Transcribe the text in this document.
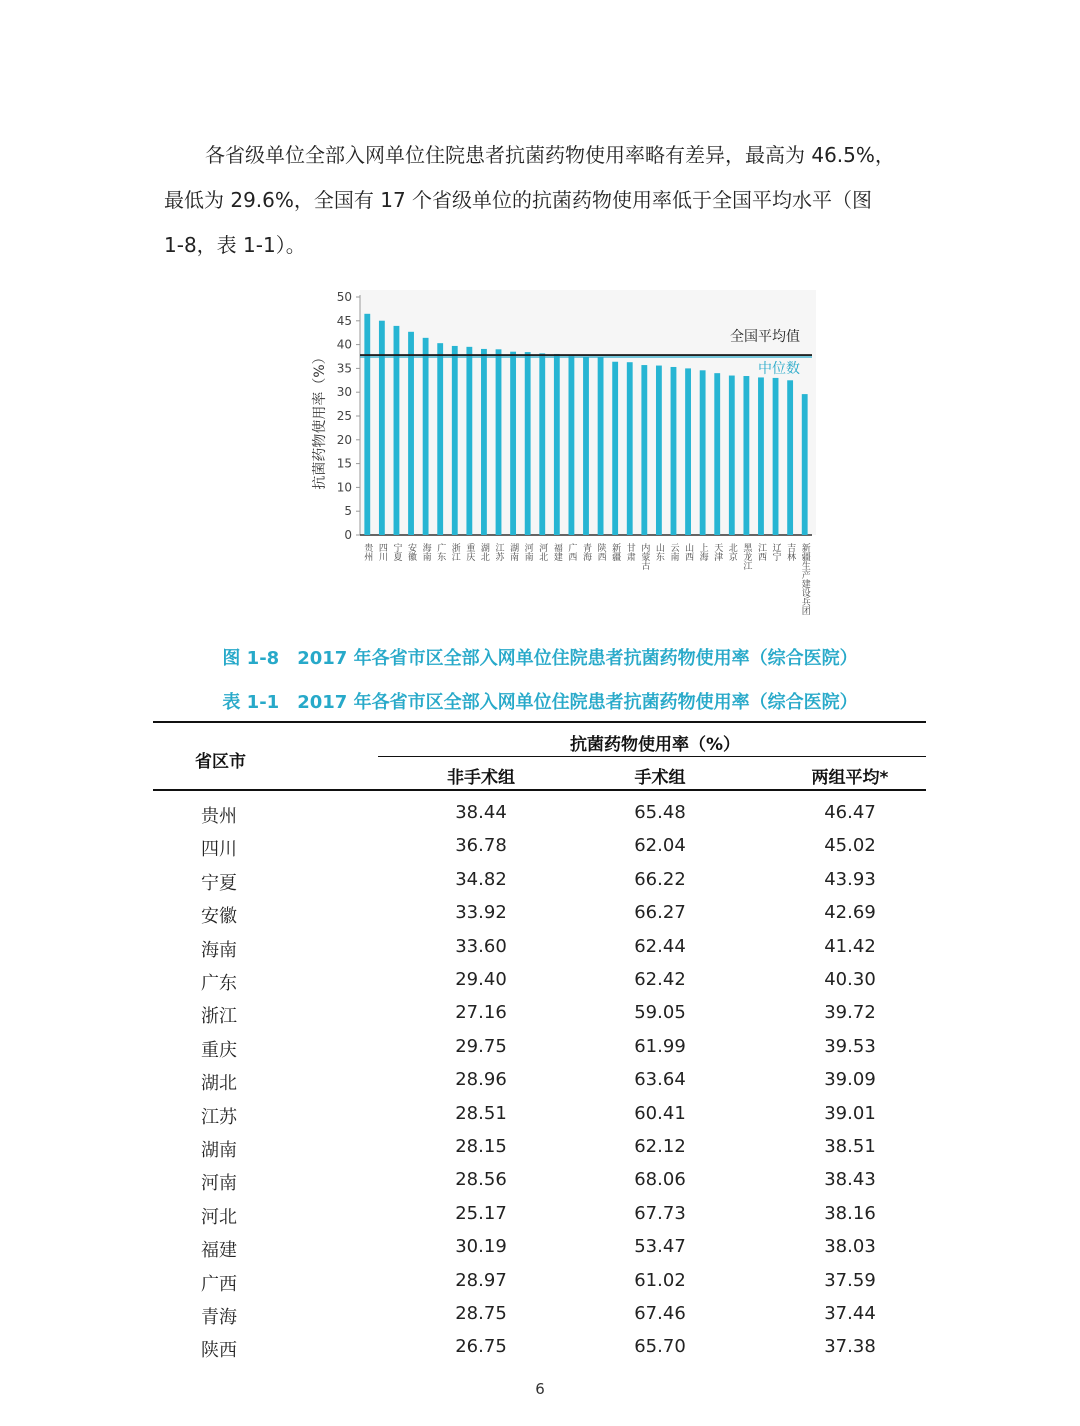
各省级单位全部入网单位住院患者抗菌药物使用率略有差异，最高为 46.5%，
最低为 29.6%，全国有 17 个省级单位的抗菌药物使用率低于全国平均水平（图
1-8，表 1-1）。
0
5
10
15
20
25
30
35
40
45
50
抗菌药物使用率（%）
贵州 四川 宁夏 安徽 海南 广东 浙江 重庆 湖北 江苏 湖南 河南 河北 福建 广西 青海 陕西 新疆 甘肃 内蒙古 山东 云南 山西 上海 天津 北京 黑龙江 江西 辽宁 吉林 新疆生产建设兵团
全国平均值
中位数
图 1-8 2017 年各省市区全部入网单位住院患者抗菌药物使用率（综合医院）
表 1-1 2017 年各省市区全部入网单位住院患者抗菌药物使用率（综合医院）
省区市
抗菌药物使用率（%）
非手术组	手术组	两组平均*
贵州	38.44	65.48	46.47
四川	36.78	62.04	45.02
宁夏	34.82	66.22	43.93
安徽	33.92	66.27	42.69
海南	33.60	62.44	41.42
广东	29.40	62.42	40.30
浙江	27.16	59.05	39.72
重庆	29.75	61.99	39.53
湖北	28.96	63.64	39.09
江苏	28.51	60.41	39.01
湖南	28.15	62.12	38.51
河南	28.56	68.06	38.43
河北	25.17	67.73	38.16
福建	30.19	53.47	38.03
广西	28.97	61.02	37.59
青海	28.75	67.46	37.44
陕西	26.75	65.70	37.38
6
